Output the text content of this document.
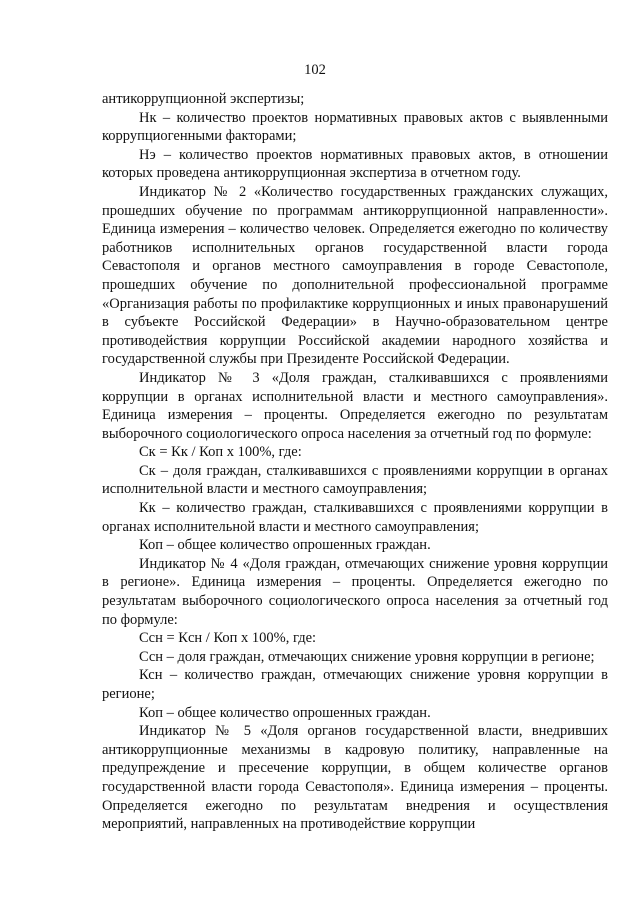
102

антикоррупционной экспертизы;

Нк – количество проектов нормативных правовых актов с выявленными коррупциогенными факторами;

Нэ – количество проектов нормативных правовых актов, в отношении которых проведена антикоррупционная экспертиза в отчетном году.

Индикатор № 2 «Количество государственных гражданских служащих, прошедших обучение по программам антикоррупционной направленности». Единица измерения – количество человек. Определяется ежегодно по количеству работников исполнительных органов государственной власти города Севастополя и органов местного самоуправления в городе Севастополе, прошедших обучение по дополнительной профессиональной программе «Организация работы по профилактике коррупционных и иных правонарушений в субъекте Российской Федерации» в Научно-образовательном центре противодействия коррупции Российской академии народного хозяйства и государственной службы при Президенте Российской Федерации.

Индикатор № 3 «Доля граждан, сталкивавшихся с проявлениями коррупции в органах исполнительной власти и местного самоуправления». Единица измерения – проценты. Определяется ежегодно по результатам выборочного социологического опроса населения за отчетный год по формуле:

Ск = Кк / Коп х 100%, где:

Ск – доля граждан, сталкивавшихся с проявлениями коррупции в органах исполнительной власти и местного самоуправления;

Кк – количество граждан, сталкивавшихся с проявлениями коррупции в органах исполнительной власти и местного самоуправления;

Коп – общее количество опрошенных граждан.

Индикатор № 4 «Доля граждан, отмечающих снижение уровня коррупции в регионе». Единица измерения – проценты. Определяется ежегодно по результатам выборочного социологического опроса населения за отчетный год по формуле:

Сcн = Кcн / Коп х 100%, где:

Ссн – доля граждан, отмечающих снижение уровня коррупции в регионе;

Ксн – количество граждан, отмечающих снижение уровня коррупции в регионе;

Коп – общее количество опрошенных граждан.

Индикатор № 5 «Доля органов государственной власти, внедривших антикоррупционные механизмы в кадровую политику, направленные на предупреждение и пресечение коррупции, в общем количестве органов государственной власти города Севастополя». Единица измерения – проценты. Определяется ежегодно по результатам внедрения и осуществления мероприятий, направленных на противодействие коррупции
